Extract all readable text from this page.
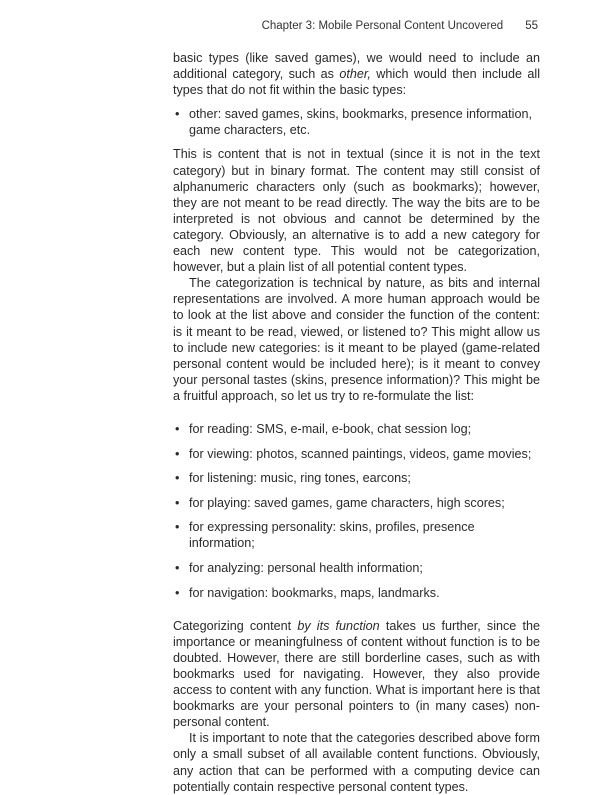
Chapter 3: Mobile Personal Content Uncovered 55

basic types (like saved games), we would need to include an additional category, such as other, which would then include all types that do not fit within the basic types:

• other: saved games, skins, bookmarks, presence information, game characters, etc.

This is content that is not in textual (since it is not in the text category) but in binary format. The content may still consist of alphanumeric characters only (such as bookmarks); however, they are not meant to be read directly. The way the bits are to be interpreted is not obvious and cannot be determined by the category. Obviously, an alternative is to add a new category for each new content type. This would not be categorization, however, but a plain list of all potential content types.

The categorization is technical by nature, as bits and internal representations are involved. A more human approach would be to look at the list above and consider the function of the content: is it meant to be read, viewed, or listened to? This might allow us to include new categories: is it meant to be played (game-related personal content would be included here); is it meant to convey your personal tastes (skins, presence information)? This might be a fruitful approach, so let us try to re-formulate the list:

• for reading: SMS, e-mail, e-book, chat session log;
• for viewing: photos, scanned paintings, videos, game movies;
• for listening: music, ring tones, earcons;
• for playing: saved games, game characters, high scores;
• for expressing personality: skins, profiles, presence information;
• for analyzing: personal health information;
• for navigation: bookmarks, maps, landmarks.

Categorizing content by its function takes us further, since the importance or meaningfulness of content without function is to be doubted. However, there are still borderline cases, such as with bookmarks used for navigating. However, they also provide access to content with any function. What is important here is that bookmarks are your personal pointers to (in many cases) non-personal content.

It is important to note that the categories described above form only a small subset of all available content functions. Obviously, any action that can be performed with a computing device can potentially contain respective personal content types.
